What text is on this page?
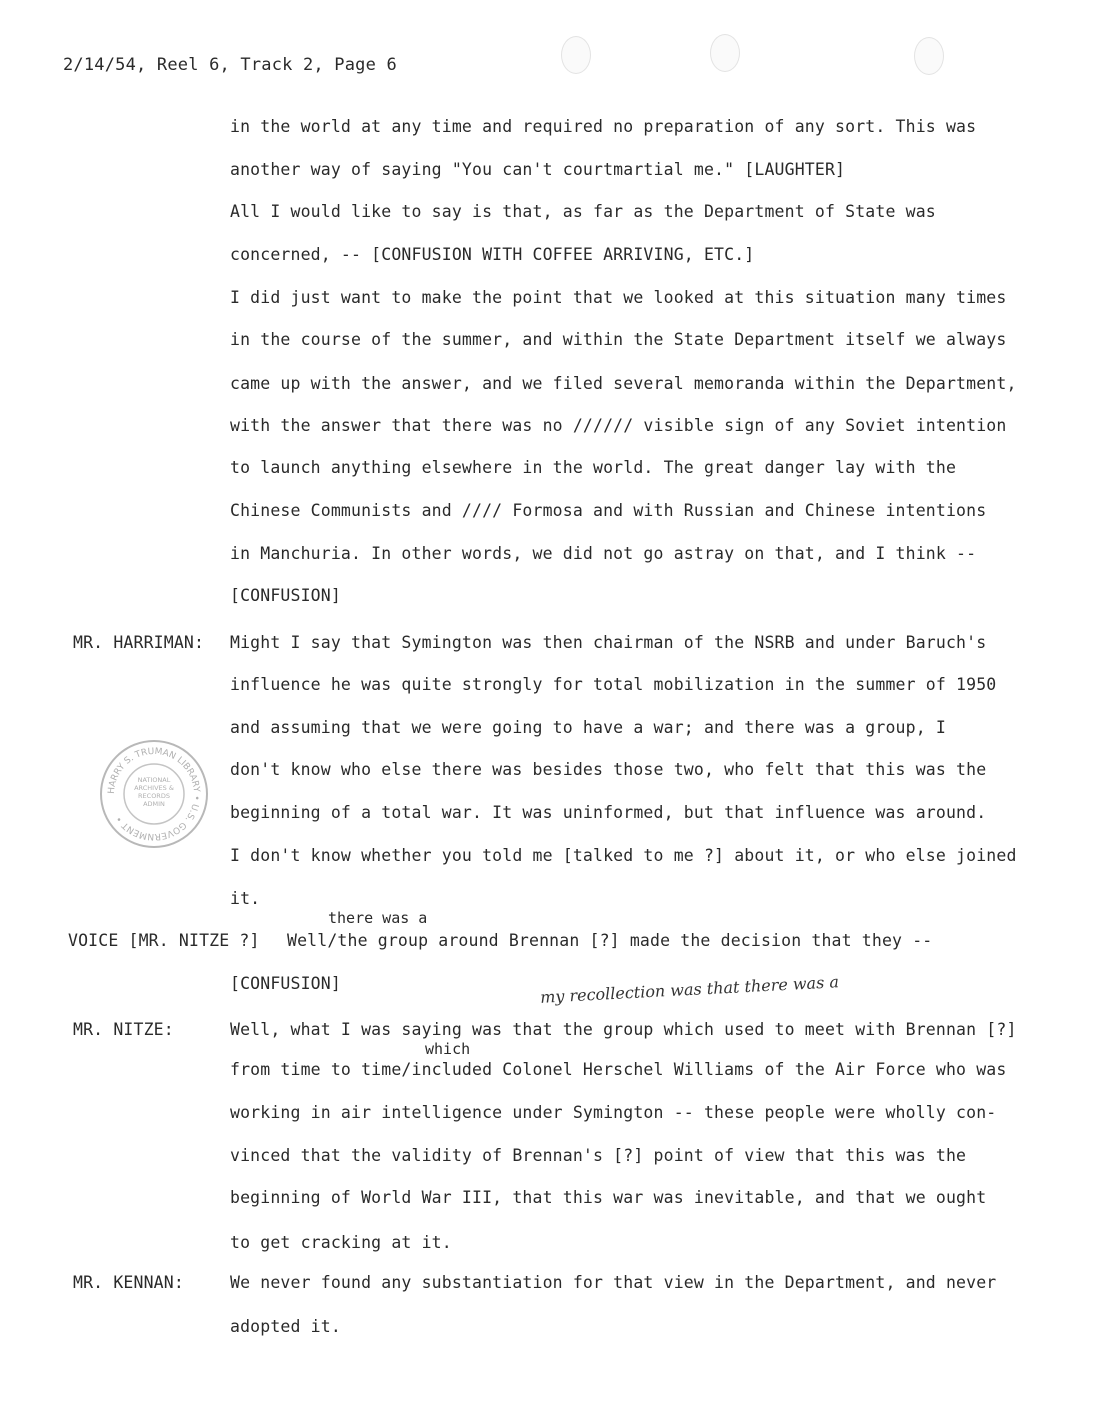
2/14/54, Reel 6, Track 2, Page 6
in the world at any time and required no preparation of any sort. This was
another way of saying "You can't courtmartial me." [LAUGHTER]
All I would like to say is that, as far as the Department of State was
concerned, -- [CONFUSION WITH COFFEE ARRIVING, ETC.]
I did just want to make the point that we looked at this situation many times
in the course of the summer, and within the State Department itself we always
came up with the answer, and we filed several memoranda within the Department,
with the answer that there was no ////// visible sign of any Soviet intention
to launch anything elsewhere in the world. The great danger lay with the
Chinese Communists and //// Formosa and with Russian and Chinese intentions
in Manchuria. In other words, we did not go astray on that, and I think --
[CONFUSION]
MR. HARRIMAN: Might I say that Symington was then chairman of the NSRB and under Baruch's
influence he was quite strongly for total mobilization in the summer of 1950
and assuming that we were going to have a war; and there was a group, I
don't know who else there was besides those two, who felt that this was the
beginning of a total war. It was uninformed, but that influence was around.
I don't know whether you told me [talked to me ?] about it, or who else joined
it.
there was a
VOICE [MR. NITZE ?] Well/the group around Brennan [?] made the decision that they --
[CONFUSION]	my recollection was that there was a
MR. NITZE:	Well, what I was saying was that the group which used to meet with Brennan [?]
which
from time to time/included Colonel Herschel Williams of the Air Force who was
working in air intelligence under Symington -- these people were wholly con-
vinced that the validity of Brennan's [?] point of view that this was the
beginning of World War III, that this war was inevitable, and that we ought
to get cracking at it.
MR. KENNAN:	We never found any substantiation for that view in the Department, and never
adopted it.
HARRY S. TRUMAN LIBRARY • U.S. GOVERNMENT •
NATIONAL ARCHIVES & RECORDS ADMIN
